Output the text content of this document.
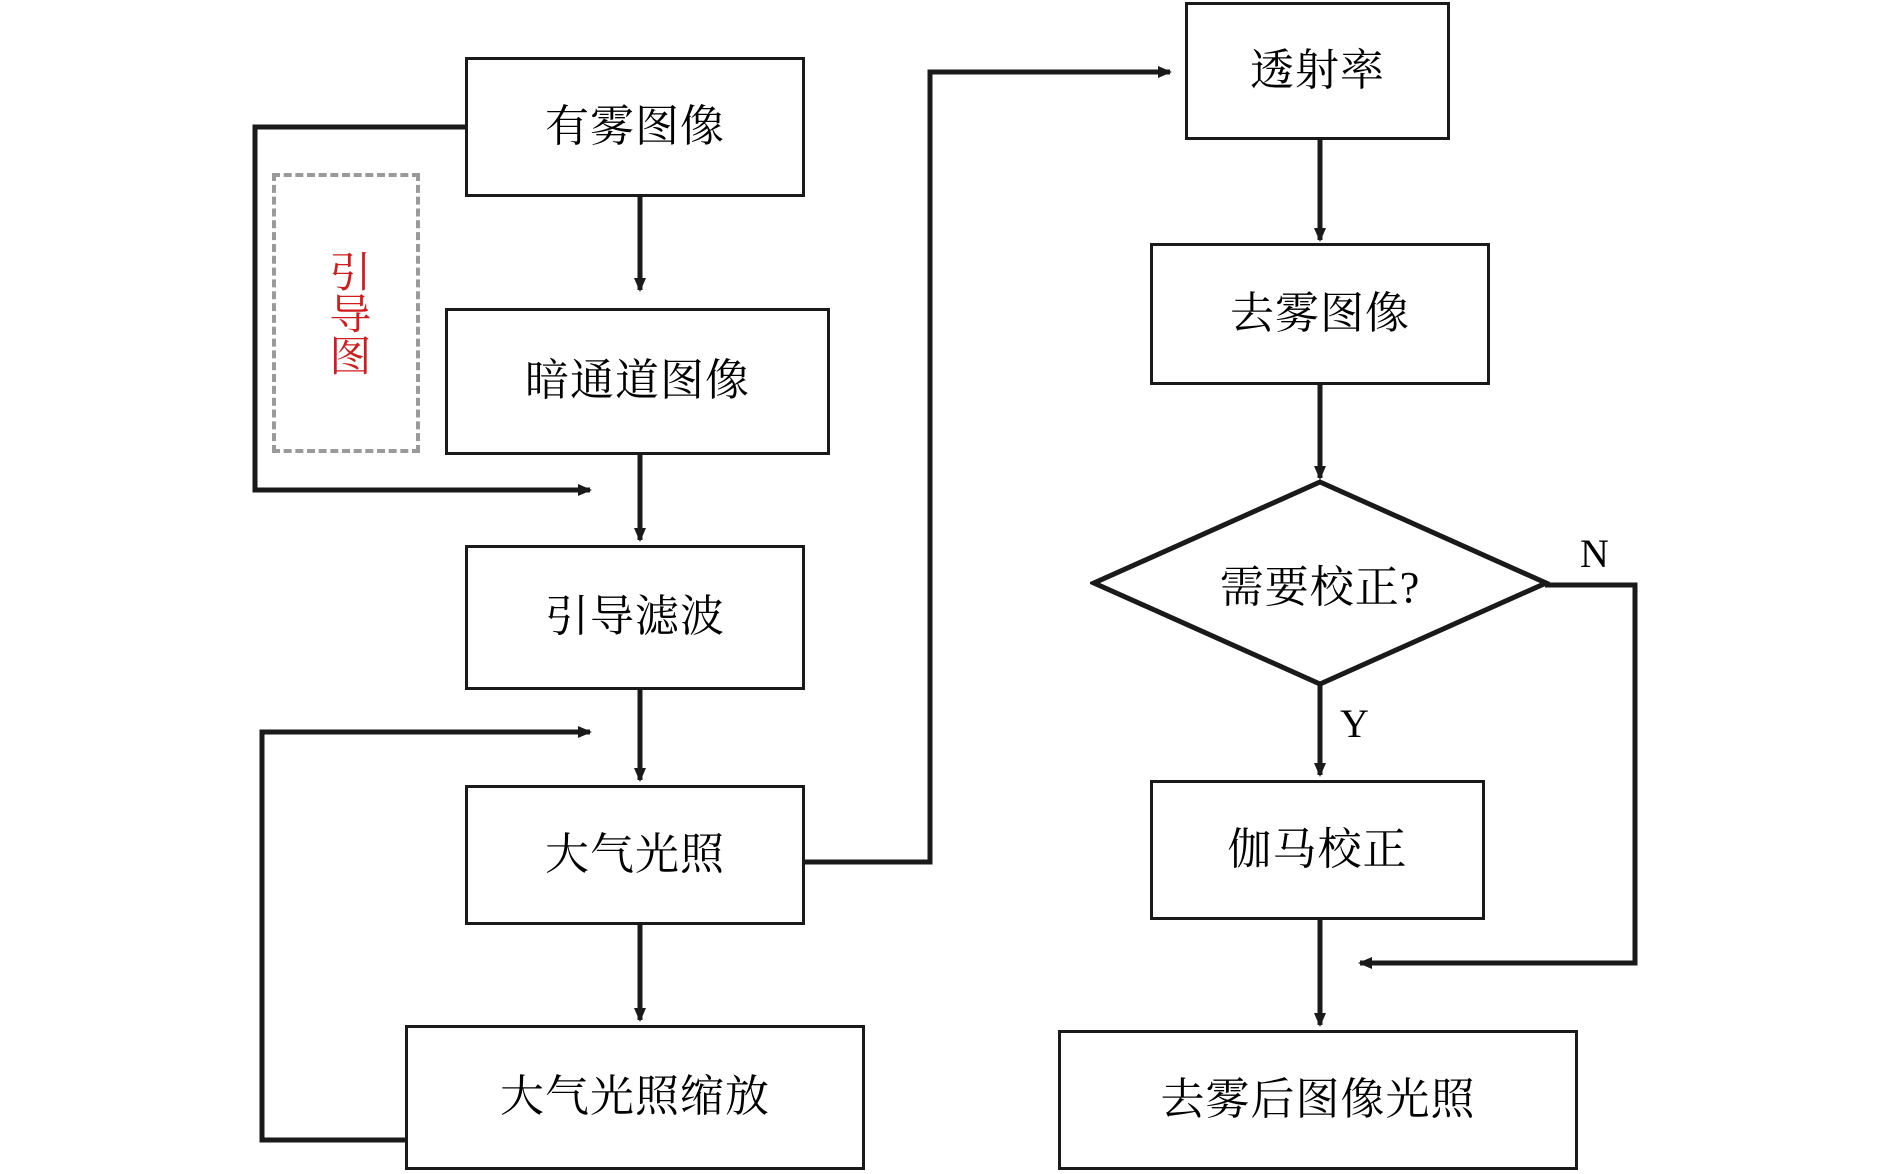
有雾图像
引导图
暗通道图像
引导滤波
大气光照
大气光照缩放
透射率
去雾图像
需要校正?
N
Y
伽马校正
去雾后图像光照
